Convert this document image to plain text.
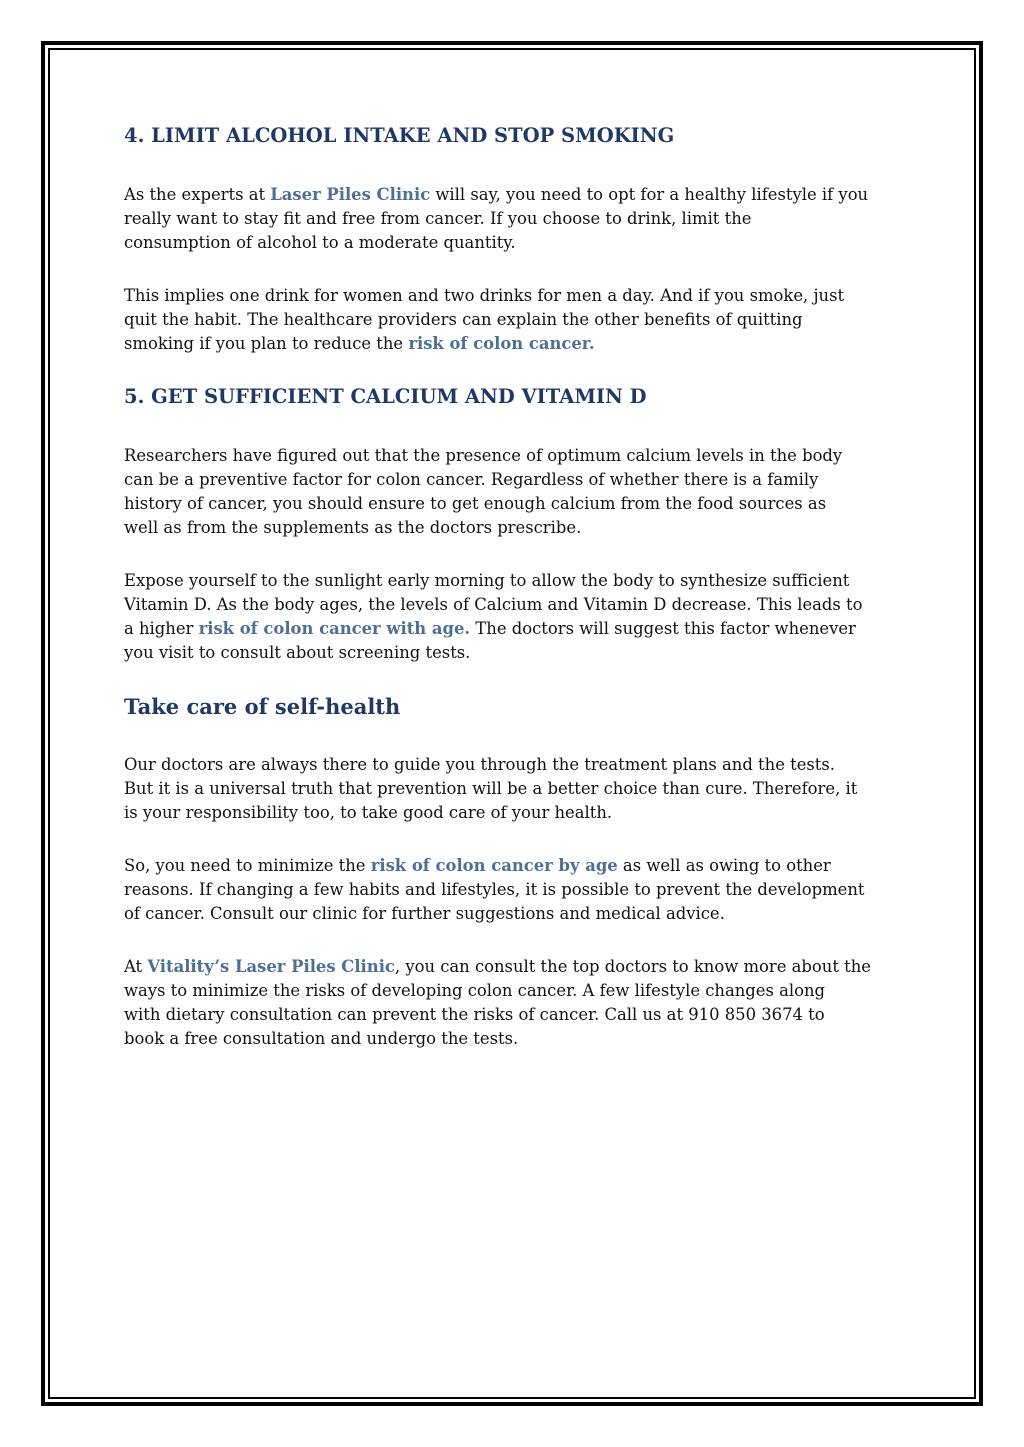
4. LIMIT ALCOHOL INTAKE AND STOP SMOKING

As the experts at Laser Piles Clinic will say, you need to opt for a healthy lifestyle if you
really want to stay fit and free from cancer. If you choose to drink, limit the
consumption of alcohol to a moderate quantity.

This implies one drink for women and two drinks for men a day. And if you smoke, just
quit the habit. The healthcare providers can explain the other benefits of quitting
smoking if you plan to reduce the risk of colon cancer.

5. GET SUFFICIENT CALCIUM AND VITAMIN D

Researchers have figured out that the presence of optimum calcium levels in the body
can be a preventive factor for colon cancer. Regardless of whether there is a family
history of cancer, you should ensure to get enough calcium from the food sources as
well as from the supplements as the doctors prescribe.

Expose yourself to the sunlight early morning to allow the body to synthesize sufficient
Vitamin D. As the body ages, the levels of Calcium and Vitamin D decrease. This leads to
a higher risk of colon cancer with age. The doctors will suggest this factor whenever
you visit to consult about screening tests.

Take care of self-health

Our doctors are always there to guide you through the treatment plans and the tests.
But it is a universal truth that prevention will be a better choice than cure. Therefore, it
is your responsibility too, to take good care of your health.

So, you need to minimize the risk of colon cancer by age as well as owing to other
reasons. If changing a few habits and lifestyles, it is possible to prevent the development
of cancer. Consult our clinic for further suggestions and medical advice.

At Vitality’s Laser Piles Clinic, you can consult the top doctors to know more about the
ways to minimize the risks of developing colon cancer. A few lifestyle changes along
with dietary consultation can prevent the risks of cancer. Call us at 910 850 3674 to
book a free consultation and undergo the tests.
